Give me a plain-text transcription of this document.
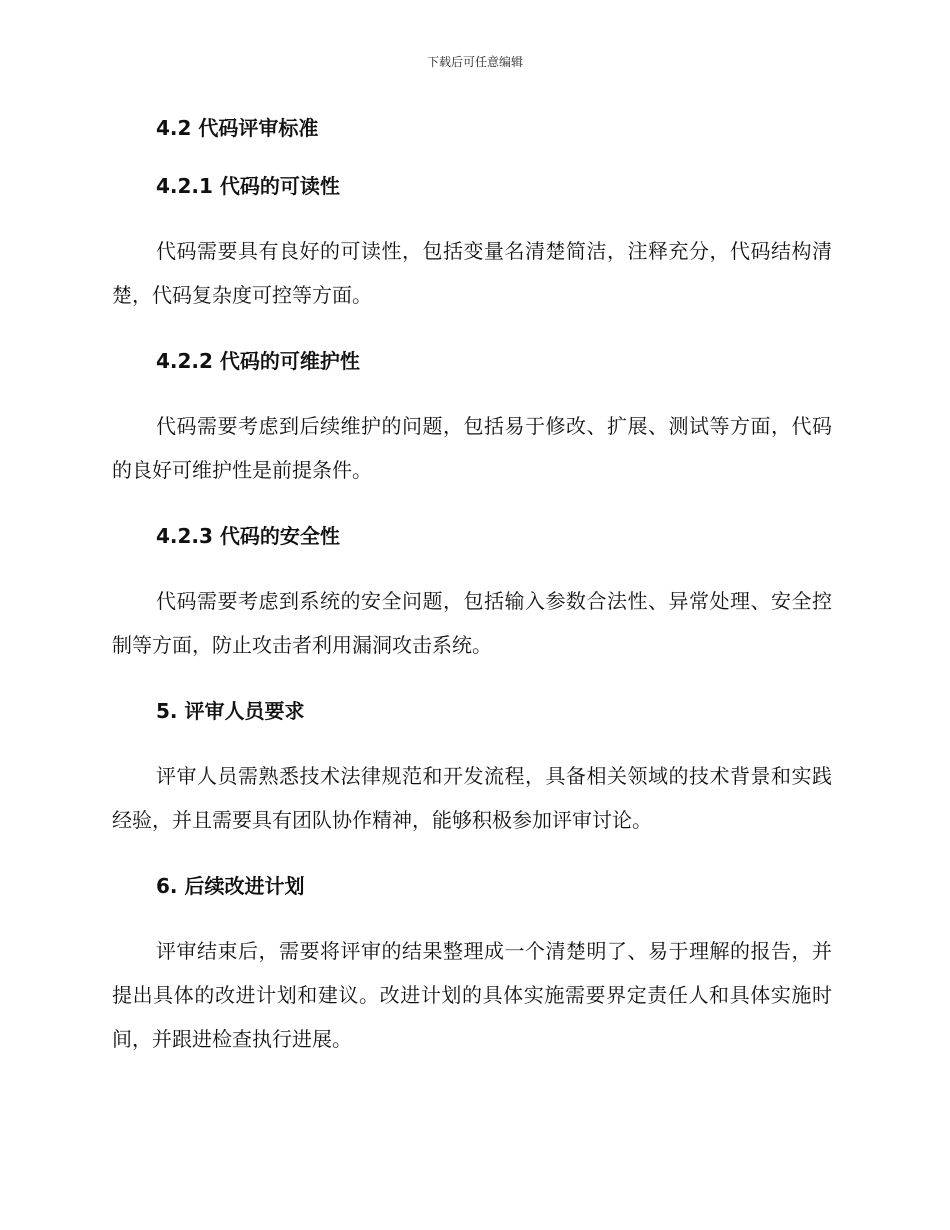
下载后可任意编辑
4.2 代码评审标准
4.2.1 代码的可读性

代码需要具有良好的可读性，包括变量名清楚简洁，注释充分，代码结构清楚，代码复杂度可控等方面。

4.2.2 代码的可维护性

代码需要考虑到后续维护的问题，包括易于修改、扩展、测试等方面，代码的良好可维护性是前提条件。

4.2.3 代码的安全性

代码需要考虑到系统的安全问题，包括输入参数合法性、异常处理、安全控制等方面，防止攻击者利用漏洞攻击系统。

5. 评审人员要求

评审人员需熟悉技术法律规范和开发流程，具备相关领域的技术背景和实践经验，并且需要具有团队协作精神，能够积极参加评审讨论。

6. 后续改进计划

评审结束后，需要将评审的结果整理成一个清楚明了、易于理解的报告，并提出具体的改进计划和建议。改进计划的具体实施需要界定责任人和具体实施时间，并跟进检查执行进展。
